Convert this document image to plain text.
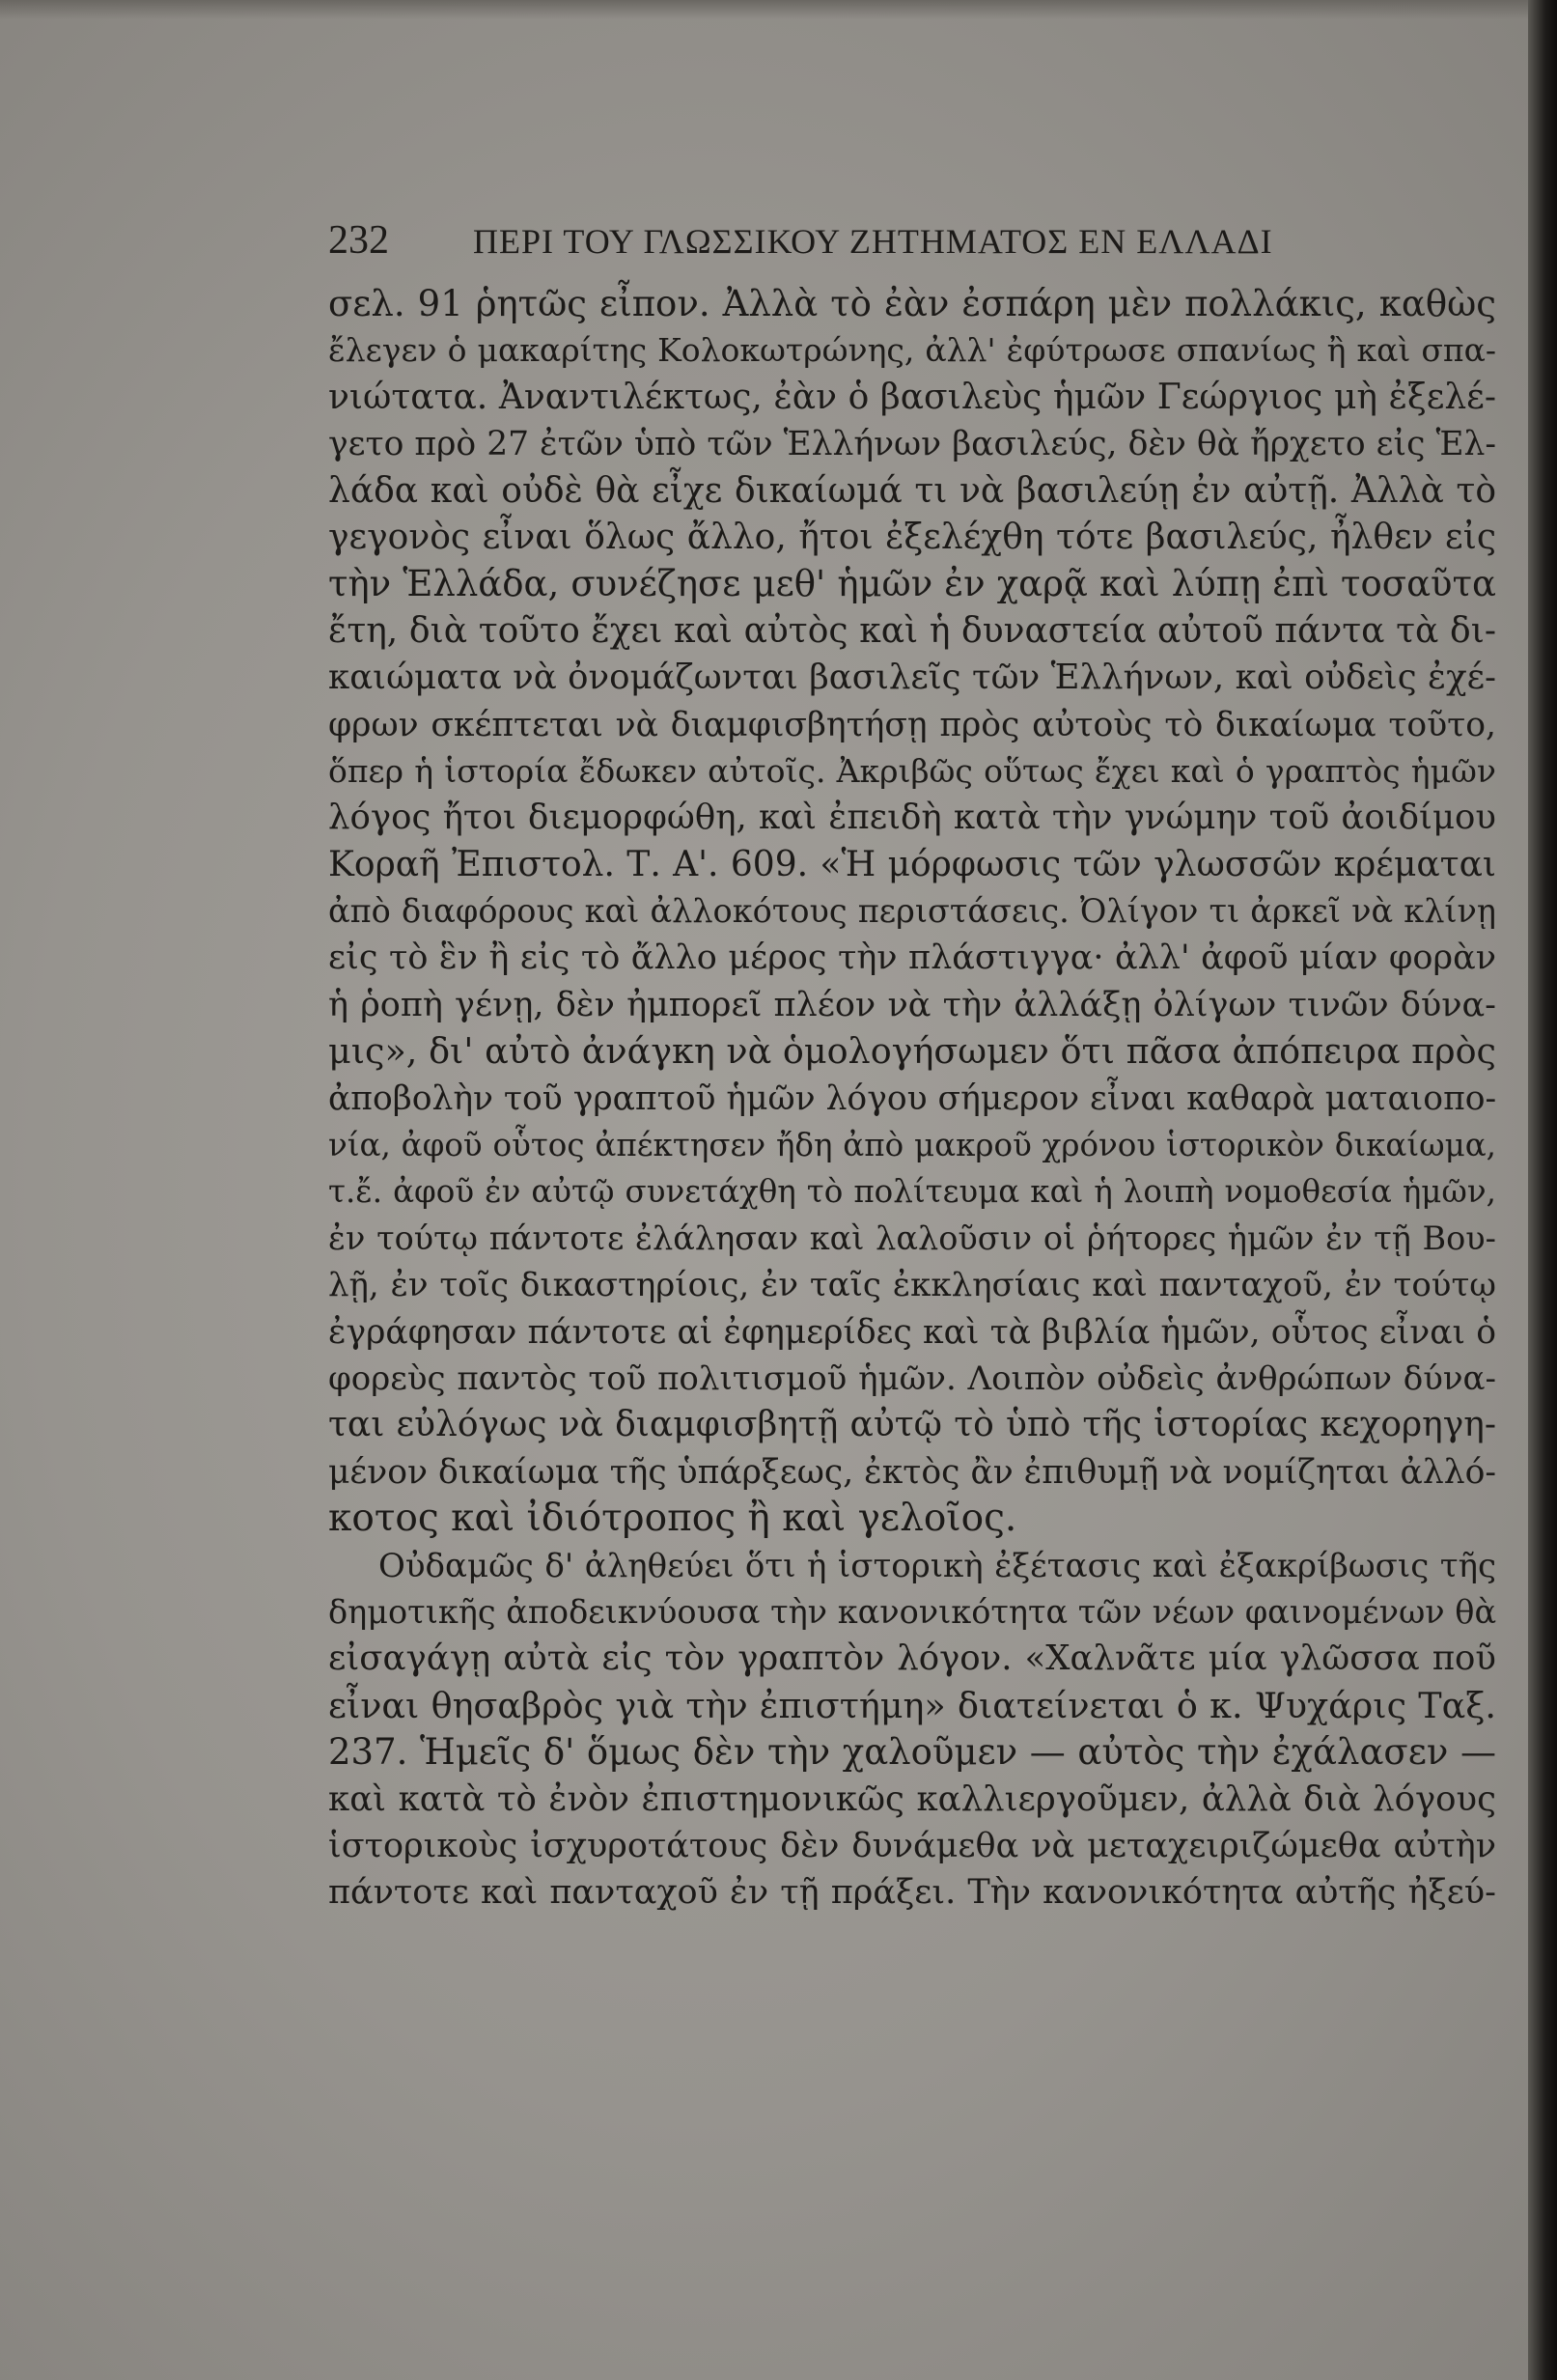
232	ΠΕΡΙ ΤΟΥ ΓΛΩΣΣΙΚΟΥ ΖΗΤΗΜΑΤΟΣ ΕΝ ΕΛΛΑΔΙ
σελ. 91 ῥητῶς εἶπον. Ἀλλὰ τὸ ἐὰν ἐσπάρη μὲν πολλάκις, καθὼς
ἔλεγεν ὁ μακαρίτης Κολοκωτρώνης, ἀλλ' ἐφύτρωσε σπανίως ἢ καὶ σπα-
νιώτατα. Ἀναντιλέκτως, ἐὰν ὁ βασιλεὺς ἡμῶν Γεώργιος μὴ ἐξελέ-
γετο πρὸ 27 ἐτῶν ὑπὸ τῶν Ἑλλήνων βασιλεύς, δὲν θὰ ἤρχετο εἰς Ἑλ-
λάδα καὶ οὐδὲ θὰ εἶχε δικαίωμά τι νὰ βασιλεύῃ ἐν αὐτῇ. Ἀλλὰ τὸ
γεγονὸς εἶναι ὅλως ἄλλο, ἤτοι ἐξελέχθη τότε βασιλεύς, ἦλθεν εἰς
τὴν Ἑλλάδα, συνέζησε μεθ' ἡμῶν ἐν χαρᾷ καὶ λύπῃ ἐπὶ τοσαῦτα
ἔτη, διὰ τοῦτο ἔχει καὶ αὐτὸς καὶ ἡ δυναστεία αὐτοῦ πάντα τὰ δι-
καιώματα νὰ ὀνομάζωνται βασιλεῖς τῶν Ἑλλήνων, καὶ οὐδεὶς ἐχέ-
φρων σκέπτεται νὰ διαμφισβητήσῃ πρὸς αὐτοὺς τὸ δικαίωμα τοῦτο,
ὅπερ ἡ ἱστορία ἔδωκεν αὐτοῖς. Ἀκριβῶς οὕτως ἔχει καὶ ὁ γραπτὸς ἡμῶν
λόγος ἤτοι διεμορφώθη, καὶ ἐπειδὴ κατὰ τὴν γνώμην τοῦ ἀοιδίμου
Κοραῆ Ἐπιστολ. Τ. Α'. 609. «Ἡ μόρφωσις τῶν γλωσσῶν κρέμαται
ἀπὸ διαφόρους καὶ ἀλλοκότους περιστάσεις. Ὀλίγον τι ἀρκεῖ νὰ κλίνῃ
εἰς τὸ ἓν ἢ εἰς τὸ ἄλλο μέρος τὴν πλάστιγγα· ἀλλ' ἀφοῦ μίαν φορὰν
ἡ ῥοπὴ γένῃ, δὲν ἠμπορεῖ πλέον νὰ τὴν ἀλλάξῃ ὀλίγων τινῶν δύνα-
μις», δι' αὐτὸ ἀνάγκη νὰ ὁμολογήσωμεν ὅτι πᾶσα ἀπόπειρα πρὸς
ἀποβολὴν τοῦ γραπτοῦ ἡμῶν λόγου σήμερον εἶναι καθαρὰ ματαιοπο-
νία, ἀφοῦ οὗτος ἀπέκτησεν ἤδη ἀπὸ μακροῦ χρόνου ἱστορικὸν δικαίωμα,
τ.ἔ. ἀφοῦ ἐν αὐτῷ συνετάχθη τὸ πολίτευμα καὶ ἡ λοιπὴ νομοθεσία ἡμῶν,
ἐν τούτῳ πάντοτε ἐλάλησαν καὶ λαλοῦσιν οἱ ῥήτορες ἡμῶν ἐν τῇ Βου-
λῇ, ἐν τοῖς δικαστηρίοις, ἐν ταῖς ἐκκλησίαις καὶ πανταχοῦ, ἐν τούτῳ
ἐγράφησαν πάντοτε αἱ ἐφημερίδες καὶ τὰ βιβλία ἡμῶν, οὗτος εἶναι ὁ
φορεὺς παντὸς τοῦ πολιτισμοῦ ἡμῶν. Λοιπὸν οὐδεὶς ἀνθρώπων δύνα-
ται εὐλόγως νὰ διαμφισβητῇ αὐτῷ τὸ ὑπὸ τῆς ἱστορίας κεχορηγη-
μένον δικαίωμα τῆς ὑπάρξεως, ἐκτὸς ἂν ἐπιθυμῇ νὰ νομίζηται ἀλλό-
κοτος καὶ ἰδιότροπος ἢ καὶ γελοῖος.
Οὐδαμῶς δ' ἀληθεύει ὅτι ἡ ἱστορικὴ ἐξέτασις καὶ ἐξακρίβωσις τῆς
δημοτικῆς ἀποδεικνύουσα τὴν κανονικότητα τῶν νέων φαινομένων θὰ
εἰσαγάγῃ αὐτὰ εἰς τὸν γραπτὸν λόγον. «Χαλνᾶτε μία γλῶσσα ποῦ
εἶναι θησαβρὸς γιὰ τὴν ἐπιστήμη» διατείνεται ὁ κ. Ψυχάρις Ταξ.
237. Ἡμεῖς δ' ὅμως δὲν τὴν χαλοῦμεν — αὐτὸς τὴν ἐχάλασεν —
καὶ κατὰ τὸ ἐνὸν ἐπιστημονικῶς καλλιεργοῦμεν, ἀλλὰ διὰ λόγους
ἱστορικοὺς ἰσχυροτάτους δὲν δυνάμεθα νὰ μεταχειριζώμεθα αὐτὴν
πάντοτε καὶ πανταχοῦ ἐν τῇ πράξει. Τὴν κανονικότητα αὐτῆς ἠξεύ-
